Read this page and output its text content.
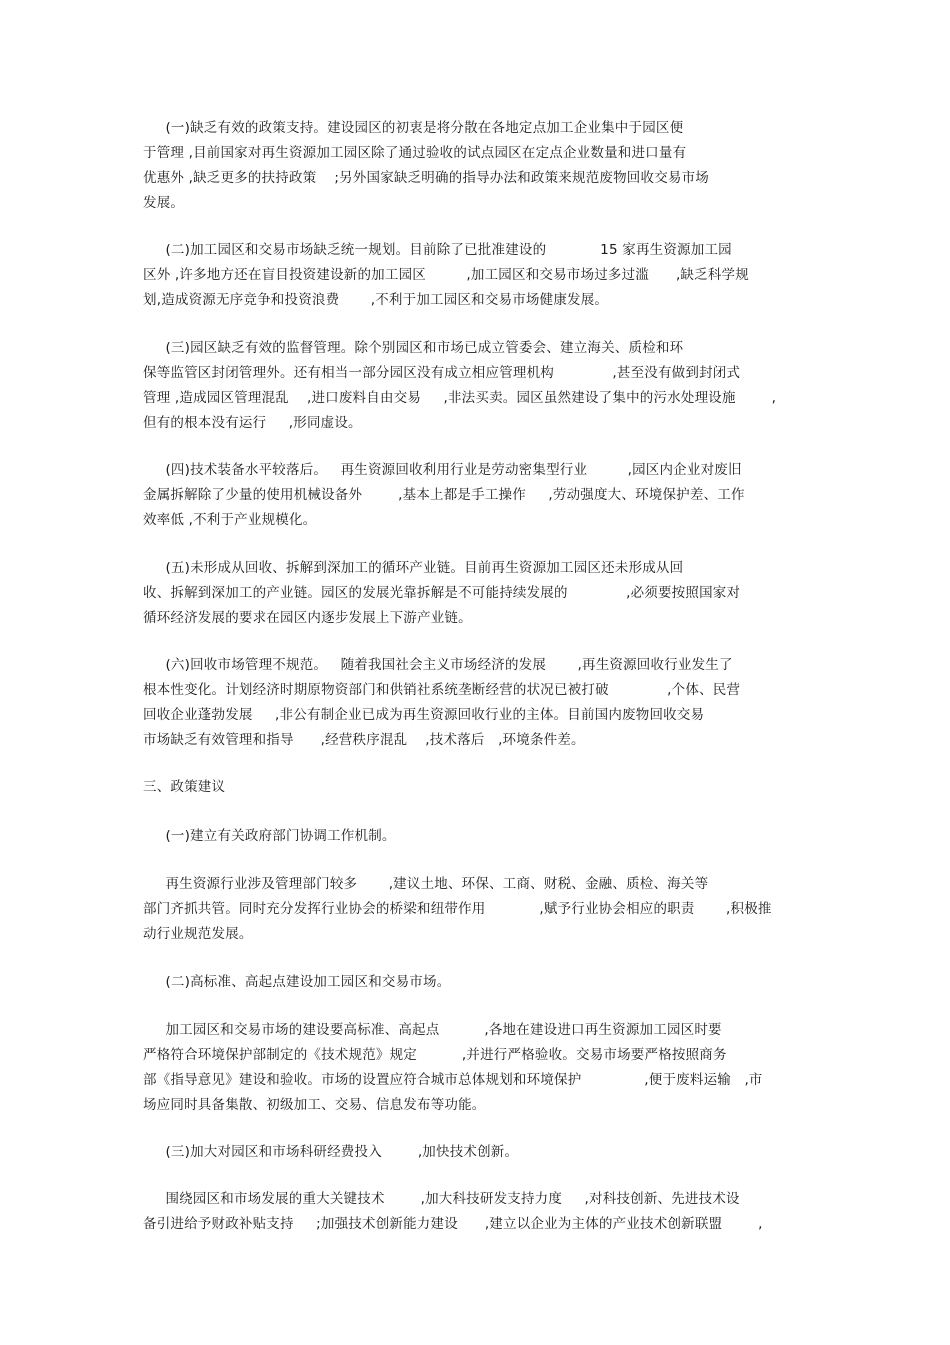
(一)缺乏有效的政策支持。建设园区的初衷是将分散在各地定点加工企业集中于园区便
于管理 ,目前国家对再生资源加工园区除了通过验收的试点园区在定点企业数量和进口量有
优惠外 ,缺乏更多的扶持政策    ;另外国家缺乏明确的指导办法和政策来规范废物回收交易市场
发展。
(二)加工园区和交易市场缺乏统一规划。目前除了已批准建设的            15 家再生资源加工园
区外 ,许多地方还在盲目投资建设新的加工园区         ,加工园区和交易市场过多过滥      ,缺乏科学规
划,造成资源无序竞争和投资浪费       ,不利于加工园区和交易市场健康发展。
(三)园区缺乏有效的监督管理。除个别园区和市场已成立管委会、建立海关、质检和环
保等监管区封闭管理外。还有相当一部分园区没有成立相应管理机构             ,甚至没有做到封闭式
管理 ,造成园区管理混乱    ,进口废料自由交易     ,非法买卖。园区虽然建设了集中的污水处理设施        ,
但有的根本没有运行     ,形同虚设。
(四)技术装备水平较落后。   再生资源回收利用行业是劳动密集型行业         ,园区内企业对废旧
金属拆解除了少量的使用机械设备外        ,基本上都是手工操作     ,劳动强度大、环境保护差、工作
效率低 ,不利于产业规模化。
(五)未形成从回收、拆解到深加工的循环产业链。目前再生资源加工园区还未形成从回
收、拆解到深加工的产业链。园区的发展光靠拆解是不可能持续发展的             ,必须要按照国家对
循环经济发展的要求在园区内逐步发展上下游产业链。
(六)回收市场管理不规范。   随着我国社会主义市场经济的发展       ,再生资源回收行业发生了
根本性变化。计划经济时期原物资部门和供销社系统垄断经营的状况已被打破             ,个体、民营
回收企业蓬勃发展     ,非公有制企业已成为再生资源回收行业的主体。目前国内废物回收交易
市场缺乏有效管理和指导      ,经营秩序混乱    ,技术落后   ,环境条件差。
三、政策建议
(一)建立有关政府部门协调工作机制。
再生资源行业涉及管理部门较多       ,建议土地、环保、工商、财税、金融、质检、海关等
部门齐抓共管。同时充分发挥行业协会的桥梁和纽带作用            ,赋予行业协会相应的职责       ,积极推
动行业规范发展。
(二)高标准、高起点建设加工园区和交易市场。
加工园区和交易市场的建设要高标准、高起点          ,各地在建设进口再生资源加工园区时要
严格符合环境保护部制定的《技术规范》规定          ,并进行严格验收。交易市场要严格按照商务
部《指导意见》建设和验收。市场的设置应符合城市总体规划和环境保护              ,便于废料运输   ,市
场应同时具备集散、初级加工、交易、信息发布等功能。
(三)加大对园区和市场科研经费投入        ,加快技术创新。
围绕园区和市场发展的重大关键技术        ,加大科技研发支持力度     ,对科技创新、先进技术设
备引进给予财政补贴支持     ;加强技术创新能力建设      ,建立以企业为主体的产业技术创新联盟        ,
